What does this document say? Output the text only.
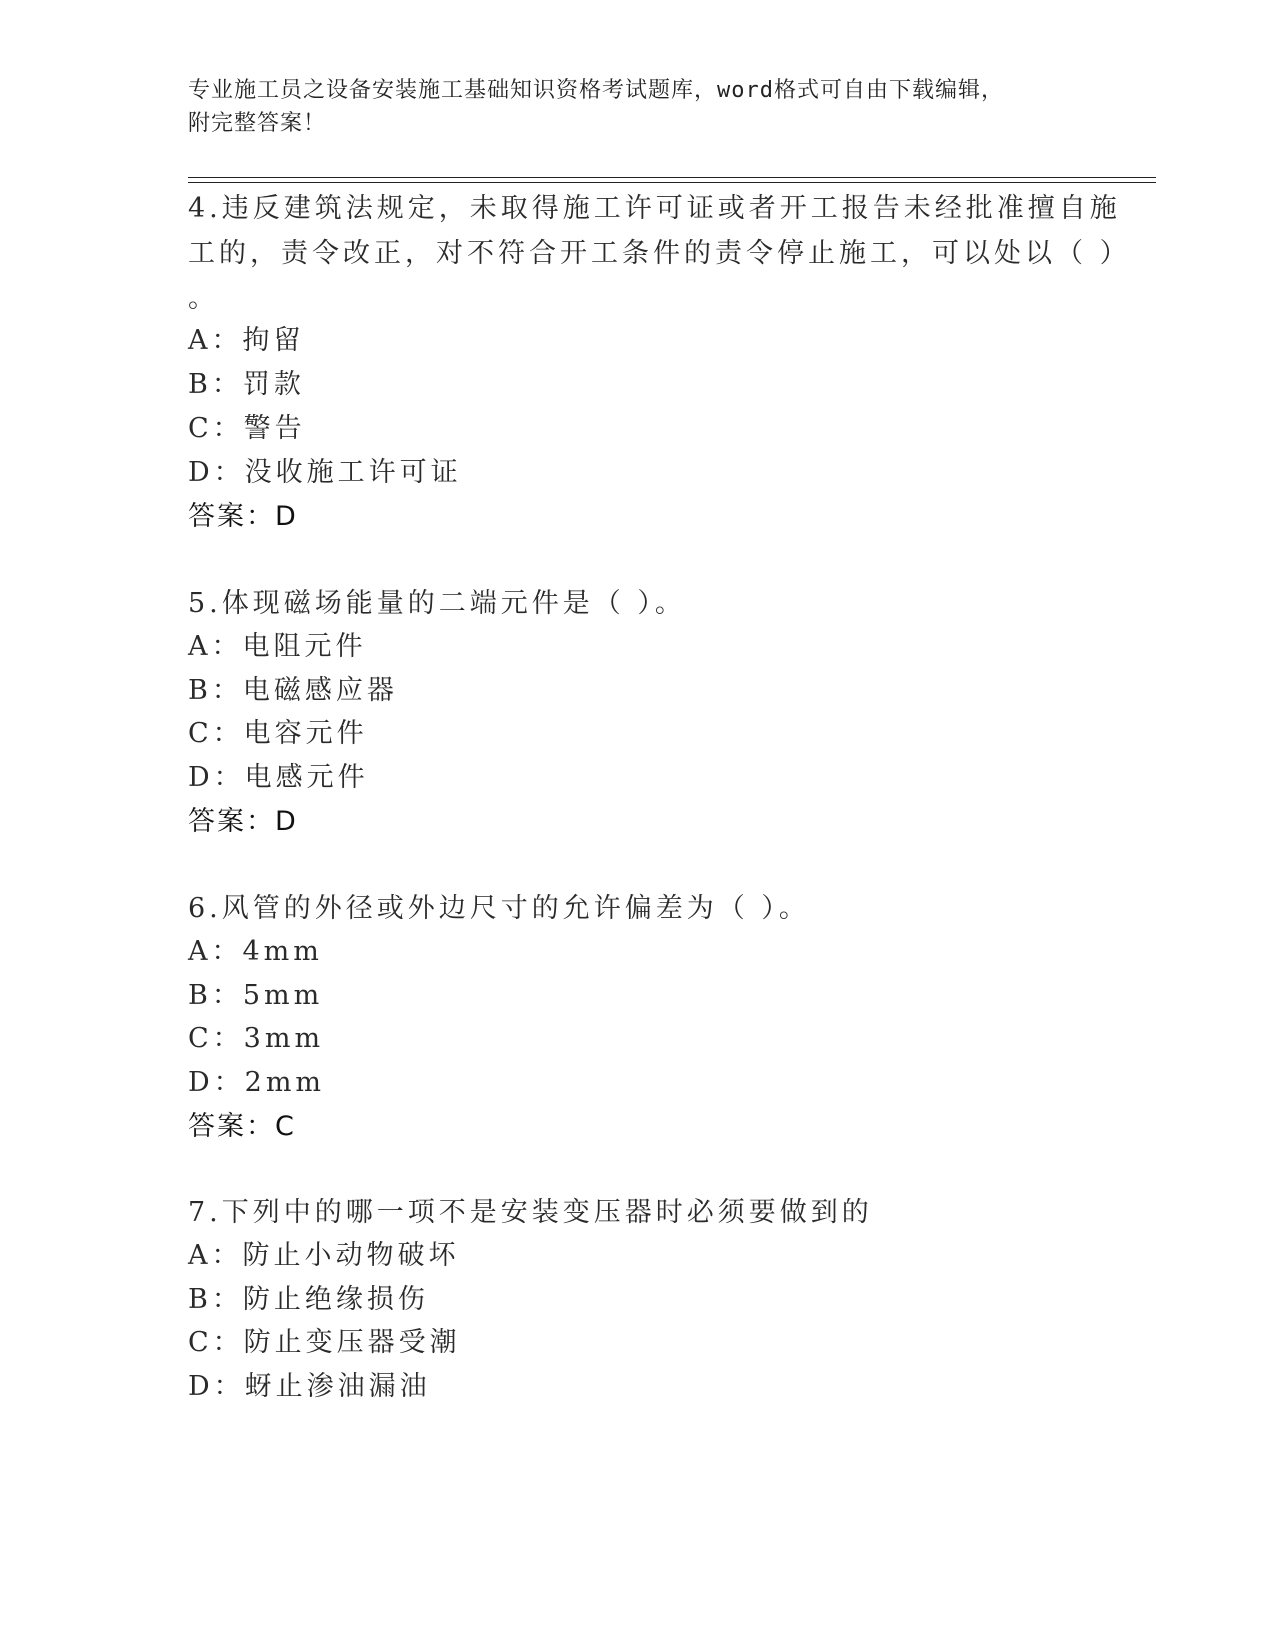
专业施工员之设备安装施工基础知识资格考试题库，word格式可自由下载编辑，
附完整答案！
4.违反建筑法规定，未取得施工许可证或者开工报告未经批准擅自施
工的，责令改正，对不符合开工条件的责令停止施工，可以处以（ ）
。
A：拘留
B：罚款
C：警告
D：没收施工许可证
答案：D
5.体现磁场能量的二端元件是（ ）。
A：电阻元件
B：电磁感应器
C：电容元件
D：电感元件
答案：D
6.风管的外径或外边尺寸的允许偏差为（ ）。
A：4mm
B：5mm
C：3mm
D：2mm
答案：C
7.下列中的哪一项不是安装变压器时必须要做到的
A：防止小动物破坏
B：防止绝缘损伤
C：防止变压器受潮
D：蚜止渗油漏油
